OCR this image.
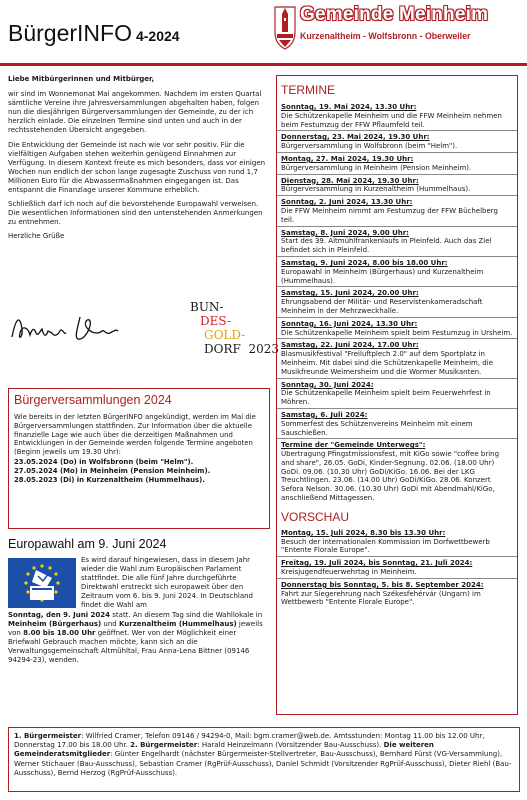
BürgerINFO 4-2024
Gemeinde Meinheim
Kurzenaltheim - Wolfsbronn - Oberweiler

Liebe Mitbürgerinnen und Mitbürger,

wir sind im Wonnemonat Mai angekommen. Nachdem im ersten Quartal sämtliche Vereine ihre Jahresversammlungen abgehalten haben, folgen nun die diesjährigen Bürgerversammlungen der Gemeinde, zu der ich herzlich einlade. Die einzelnen Termine sind unten und auch in der rechtsstehenden Übersicht angegeben.

Die Entwicklung der Gemeinde ist nach wie vor sehr positiv. Für die vielfältigen Aufgaben stehen weiterhin genügend Einnahmen zur Verfügung. In diesem Kontext freute es mich besonders, dass vor einigen Wochen nun endlich der schon lange zugesagte Zuschuss von rund 1,7 Millionen Euro für die Abwassermaßnahmen eingegangen ist. Das entspannt die Finanzlage unserer Kommune erheblich.

Schließlich darf ich noch auf die bevorstehende Europawahl verweisen. Die wesentlichen Informationen sind den untenstehenden Anmerkungen zu entnehmen.

Herzliche Grüße

BUN-
DES-
GOLD-
DORF 2023
Bürgerversammlungen 2024
Wie bereits in der letzten BürgerINFO angekündigt, werden im Mai die Bürgerversammlungen stattfinden. Zur Information über die aktuelle finanzielle Lage wie auch über die derzeitigen Maßnahmen und Entwicklungen in der Gemeinde werden folgende Termine angeboten (Beginn jeweils um 19.30 Uhr):
23.05.2024 (Do) in Wolfsbronn (beim "Helm").
27.05.2024 (Mo) in Meinheim (Pension Meinheim).
28.05.2023 (Di) in Kurzenaltheim (Hummelhaus).
Europawahl am 9. Juni 2024
Es wird darauf hingewiesen, dass in diesem Jahr wieder die Wahl zum Europäischen Parlament stattfindet. Die alle fünf Jahre durchgeführte Direktwahl erstreckt sich europaweit über den Zeitraum vom 6. bis 9. Juni 2024. In Deutschland findet die Wahl am
Sonntag, den 9. Juni 2024 statt. An diesem Tag sind die Wahllokale in Meinheim (Bürgerhaus) und Kurzenaltheim (Hummelhaus) jeweils von 8.00 bis 18.00 Uhr geöffnet. Wer von der Möglichkeit einer Briefwahl Gebrauch machen möchte, kann sich an die Verwaltungsgemeinschaft Altmühltal, Frau Anna-Lena Bittner (09146 94294-23), wenden.
TERMINE
Sonntag, 19. Mai 2024, 13.30 Uhr:
Die Schützenkapelle Meinheim und die FFW Meinheim nehmen beim Festumzug der FFW Pflaumfeld teil.
Donnerstag, 23. Mai 2024, 19.30 Uhr:
Bürgerversammlung in Wolfsbronn (beim "Helm").
Montag, 27. Mai 2024, 19.30 Uhr:
Bürgerversammlung in Meinheim (Pension Meinheim).
Dienstag, 28. Mai 2024, 19.30 Uhr:
Bürgerversammlung in Kurzenaltheim (Hummelhaus).
Sonntag, 2. Juni 2024, 13.30 Uhr:
Die FFW Meinheim nimmt am Festumzug der FFW Büchelberg teil.
Samstag, 8. Juni 2024, 9.00 Uhr:
Start des 39. Altmühlfrankenlaufs in Pleinfeld. Auch das Ziel befindet sich in Pleinfeld.
Samstag, 9. Juni 2024, 8.00 bis 18.00 Uhr:
Europawahl in Meinheim (Bürgerhaus) und Kurzenaltheim (Hummelhaus).
Samstag, 15. Juni 2024, 20.00 Uhr:
Ehrungsabend der Militär- und Reservistenkameradschaft Meinheim in der Mehrzweckhalle.
Sonntag, 16. Juni 2024, 13.30 Uhr:
Die Schützenkapelle Meinheim spielt beim Festumzug in Ursheim.
Samstag, 22. Juni 2024, 17.00 Uhr:
Blasmusikfestival "Freiluftplech 2.0" auf dem Sportplatz in Meinheim. Mit dabei sind die Schützenkapelle Meinheim, die Musikfreunde Weimersheim und die Wormer Musikanten.
Sonntag, 30. Juni 2024:
Die Schützenkapelle Meinheim spielt beim Feuerwehrfest in Möhren.
Samstag, 6. Juli 2024:
Sommerfest des Schützenvereins Meinheim mit einem Sauschießen.
Termine der "Gemeinde Unterwegs":
Übertragung Pfingstmissionsfest, mit KiGo sowie "coffee bring and share", 26.05. GoDi, Kinder-Segnung. 02.06. (18.00 Uhr) GoDi. 09.06. (10.30 Uhr) GoDi/KiGo. 16.06. Bei der LKG Treuchtlingen. 23.06. (14.00 Uhr) GoDi/KiGo. 28.06. Konzert Sefora Nelson. 30.06. (10.30 Uhr) GoDi mit Abendmahl/KiGo, anschließend Mittagessen.
VORSCHAU
Montag, 15. Juli 2024, 8.30 bis 13.30 Uhr:
Besuch der internationalen Kommission im Dorfwettbewerb "Entente Florale Europe".
Freitag, 19. Juli 2024, bis Sonntag, 21. Juli 2024:
Kreisjugendfeuerwehrtag in Meinheim.
Donnerstag bis Sonntag, 5. bis 8. September 2024:
Fahrt zur Siegerehrung nach Székesfehérvár (Ungarn) im Wettbewerb "Entente Florale Europe".
1. Bürgermeister: Wilfried Cramer, Telefon 09146 / 94294-0, Mail: bgm.cramer@web.de. Amtsstunden: Montag 11.00 bis 12.00 Uhr, Donnerstag 17.00 bis 18.00 Uhr. 2. Bürgermeister: Harald Heinzelmann (Vorsitzender Bau-Ausschuss). Die weiteren Gemeinderatsmitglieder: Günter Engelhardt (nächster Bürgermeister-Stellvertreter, Bau-Ausschuss), Bernhard Fürst (VG-Versammlung), Werner Stichauer (Bau-Ausschuss), Sebastian Cramer (RgPrüf-Ausschuss), Daniel Schmidt (Vorsitzender RgPrüf-Ausschuss), Dieter Riehl (Bau-Ausschuss), Bernd Herzog (RgPrüf-Ausschuss).
